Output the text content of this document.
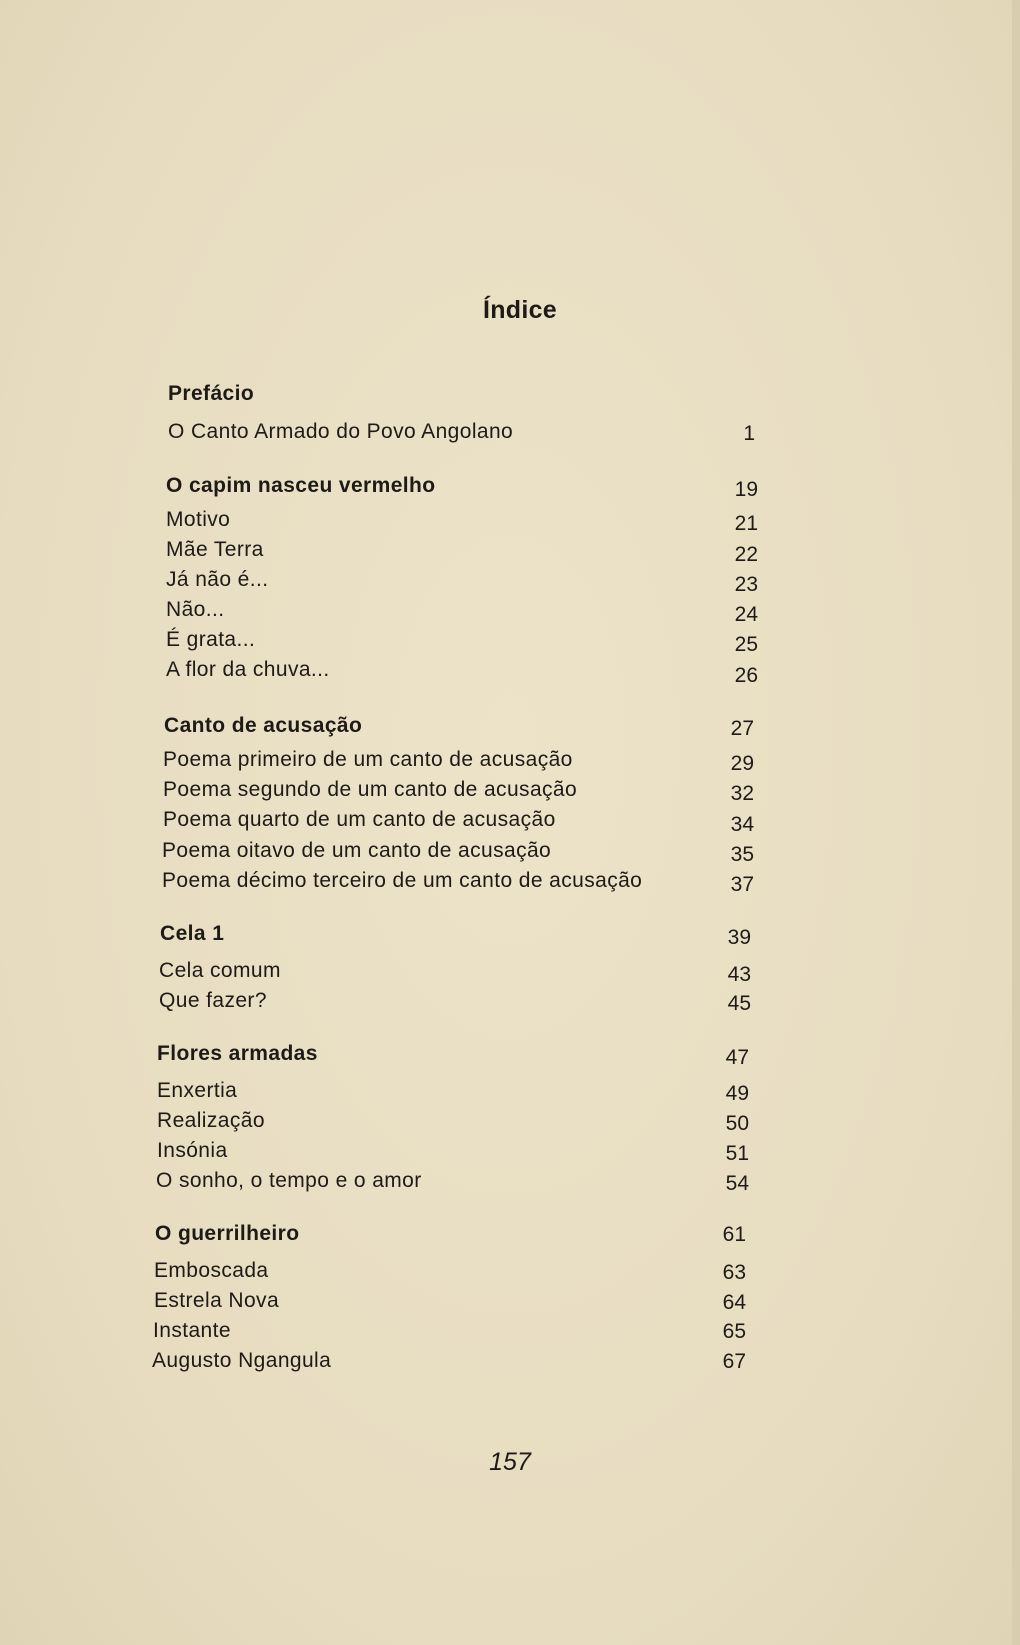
Índice
Prefácio
O Canto Armado do Povo Angolano	1
O capim nasceu vermelho	19
Motivo	21
Mãe Terra	22
Já não é...	23
Não...	24
É grata...	25
A flor da chuva...	26
Canto de acusação	27
Poema primeiro de um canto de acusação	29
Poema segundo de um canto de acusação	32
Poema quarto de um canto de acusação	34
Poema oitavo de um canto de acusação	35
Poema décimo terceiro de um canto de acusação	37
Cela 1	39
Cela comum	43
Que fazer?	45
Flores armadas	47
Enxertia	49
Realização	50
Insónia	51
O sonho, o tempo e o amor	54
O guerrilheiro	61
Emboscada	63
Estrela Nova	64
Instante	65
Augusto Ngangula	67
157
